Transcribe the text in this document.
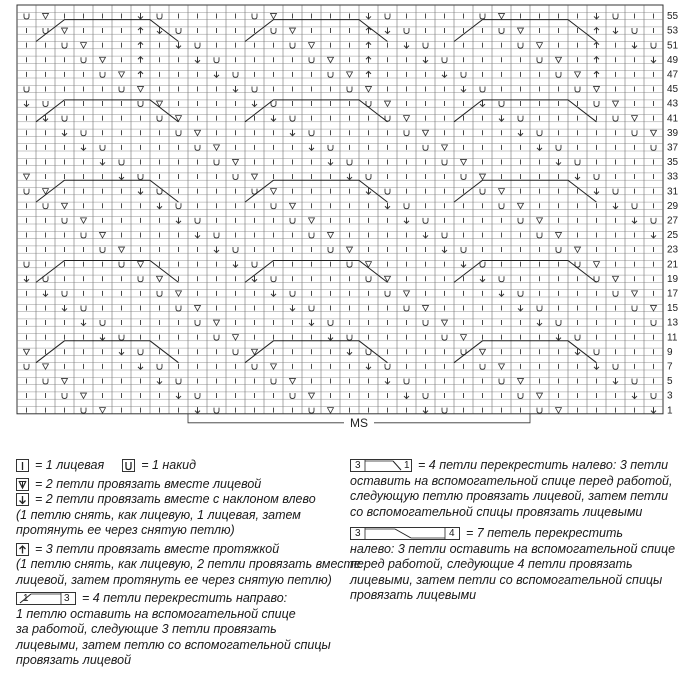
1
3
5
7
9
11
13
15
17
19
21
23
25
27
29
31
33
35
37
39
41
43
45
47
49
51
53
55
MS
= 1 лицевая	= 1 накид
= 2 петли провязать вместе лицевой
= 2 петли провязать вместе с наклоном влево
(1 петлю снять, как лицевую, 1 лицевая, затем
протянуть ее через снятую петлю)
= 3 петли провязать вместе протяжкой
(1 петлю снять, как лицевую, 2 петли провязать вместе
лицевой, затем протянуть ее через снятую петлю)
1	3 = 4 петли перекрестить направо:
1 петлю оставить на вспомогательной спице
за работой, следующие 3 петли провязать
лицевыми, затем петлю со вспомогательной спицы
провязать лицевой
3	1 = 4 петли перекрестить налево: 3 петли
оставить на вспомогательной спице перед работой,
следующую петлю провязать лицевой, затем петли
со вспомогательной спицы провязать лицевыми
3	4 = 7 петель перекрестить
налево: 3 петли оставить на вспомогательной спице
перед работой, следующие 4 петли провязать
лицевыми, затем петли со вспомогательной спицы
провязать лицевыми
